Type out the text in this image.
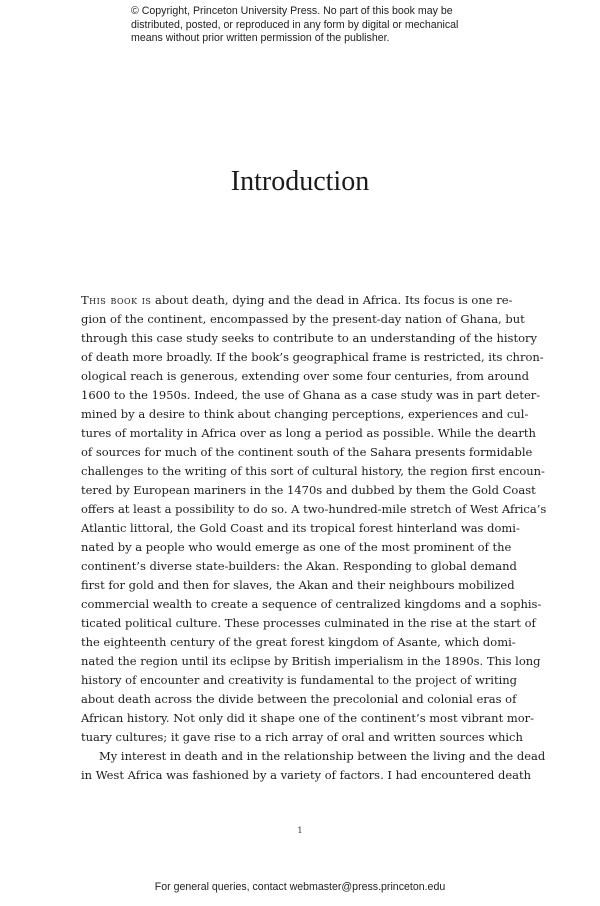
© Copyright, Princeton University Press. No part of this book may be
distributed, posted, or reproduced in any form by digital or mechanical
means without prior written permission of the publisher.
Introduction
This book is about death, dying and the dead in Africa. Its focus is one re-
gion of the continent, encompassed by the present-day nation of Ghana, but
through this case study seeks to contribute to an understanding of the history
of death more broadly. If the book’s geographical frame is restricted, its chron-
ological reach is generous, extending over some four centuries, from around
1600 to the 1950s. Indeed, the use of Ghana as a case study was in part deter-
mined by a desire to think about changing perceptions, experiences and cul-
tures of mortality in Africa over as long a period as possible. While the dearth
of sources for much of the continent south of the Sahara presents formidable
challenges to the writing of this sort of cultural history, the region first encoun-
tered by European mariners in the 1470s and dubbed by them the Gold Coast
offers at least a possibility to do so. A two-hundred-mile stretch of West Africa’s
Atlantic littoral, the Gold Coast and its tropical forest hinterland was domi-
nated by a people who would emerge as one of the most prominent of the
continent’s diverse state-builders: the Akan. Responding to global demand
first for gold and then for slaves, the Akan and their neighbours mobilized
commercial wealth to create a sequence of centralized kingdoms and a sophis-
ticated political culture. These processes culminated in the rise at the start of
the eighteenth century of the great forest kingdom of Asante, which domi-
nated the region until its eclipse by British imperialism in the 1890s. This long
history of encounter and creativity is fundamental to the project of writing
about death across the divide between the precolonial and colonial eras of
African history. Not only did it shape one of the continent’s most vibrant mor-
tuary cultures; it gave rise to a rich array of oral and written sources which
My interest in death and in the relationship between the living and the dead
in West Africa was fashioned by a variety of factors. I had encountered death
1
For general queries, contact webmaster@press.princeton.edu
